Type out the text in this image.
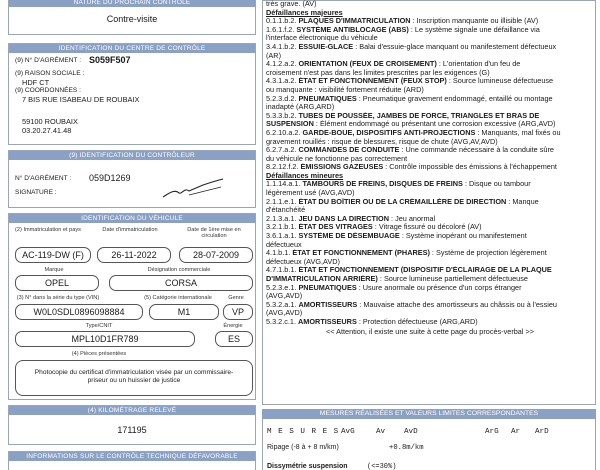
NATURE DU PROCHAIN CONTRÔLE
Contre-visite
IDENTIFICATION DU CENTRE DE CONTRÔLE
(9) N° D'AGRÉMENT : S059F507
(9) RAISON SOCIALE :
HDF CT
(9) COORDONNÉES :
7 BIS RUE ISABEAU DE ROUBAIX
59100 ROUBAIX
03.20.27.41.48
(9) IDENTIFICATION DU CONTRÔLEUR
N° D'AGRÉMENT : 059D1269
SIGNATURE :
IDENTIFICATION DU VÉHICULE
(2) Immatriculation et pays	Date d'immatriculation	Date de 1ère mise en circulation
AC-119-DW (F)	26-11-2022	28-07-2009
Marque	Désignation commerciale
OPEL	CORSA
(3) N° dans la série du type (VIN)	(5) Catégorie internationale	Genre
W0L0SDL0896098884	M1	VP
Type/CNIT	Énergie
MPL10D1FR789	ES
(4) Pièces présentées
Photocopie du certificat d'immatriculation visée par un commissaire-priseur ou un huissier de justice
(4) KILOMÉTRAGE RELEVÉ
171195
INFORMATIONS SUR LE CONTRÔLE TECHNIQUE DÉFAVORABLE
très grave. (AV)
Défaillances majeures
0.1.1.b.2. PLAQUES D'IMMATRICULATION : Inscription manquante ou illisible (AV)
1.6.1.f.2. SYSTÈME ANTIBLOCAGE (ABS) : Le système signale une défaillance via
l'interface électronique du véhicule
3.4.1.b.2. ESSUIE-GLACE : Balai d'essuie-glace manquant ou manifestement défectueux
(AR)
4.1.2.a.2. ORIENTATION (FEUX DE CROISEMENT) : L'orientation d'un feu de
croisement n'est pas dans les limites prescrites par les exigences (G)
4.3.1.a.2. ÉTAT ET FONCTIONNEMENT (FEUX STOP) : Source lumineuse défectueuse
ou manquante : visibilité fortement réduite (ARD)
5.2.3.d.2. PNEUMATIQUES : Pneumatique gravement endommagé, entaillé ou montage
inadapté (ARG,ARD)
5.3.3.b.2. TUBES DE POUSSÉE, JAMBES DE FORCE, TRIANGLES ET BRAS DE
SUSPENSION : Élément endommagé ou présentant une corrosion excessive (ARG,AVD)
6.2.10.a.2. GARDE-BOUE, DISPOSITIFS ANTI-PROJECTIONS : Manquants, mal fixés ou
gravement rouillés : risque de blessures, risque de chute (AVG,AV,AVD)
6.2.7.a.2. COMMANDES DE CONDUITE : Une commande nécessaire à la conduite sûre
du véhicule ne fonctionne pas correctement
8.2.12.f.2. ÉMISSIONS GAZEUSES : Contrôle impossible des émissions à l'échappement
Défaillances mineures
1.1.14.a.1. TAMBOURS DE FREINS, DISQUES DE FREINS : Disque ou tambour
légèrement usé (AVG,AVD)
2.1.1.e.1. ÉTAT DU BOÎTIER OU DE LA CRÉMAILLÈRE DE DIRECTION : Manque
d'étanchéité
2.1.3.a.1. JEU DANS LA DIRECTION : Jeu anormal
3.2.1.b.1. ÉTAT DES VITRAGES : Vitrage fissuré ou décoloré (AV)
3.6.1.a.1. SYSTÈME DE DÉSEMBUAGE : Système inopérant ou manifestement
défectueux
4.1.b.1. ÉTAT ET FONCTIONNEMENT (PHARES) : Système de projection légèrement
défectueux (AVG,AVD)
4.7.1.b.1. ÉTAT ET FONCTIONNEMENT (DISPOSITIF D'ÉCLAIRAGE DE LA PLAQUE
D'IMMATRICULATION ARRIÈRE) : Source lumineuse partiellement défectueuse
5.2.3.e.1. PNEUMATIQUES : Usure anormale ou présence d'un corps étranger
(AVG,AVD)
5.3.2.a.1. AMORTISSEURS : Mauvaise attache des amortisseurs au châssis ou à l'essieu
(AVG,AVD)
5.3.2.c.1. AMORTISSEURS : Protection défectueuse (ARG,ARD)
<< Attention, il existe une suite à cette page du procès-verbal >>
MESURES RÉALISÉES ET VALEURS LIMITES CORRESPONDANTES
M E S U R E S AvG	Av AvD	ArG Ar ArD
Ripage (-8 à + 8 m/km)	+0.8m/km
Dissymétrie suspension	(<=30%)
